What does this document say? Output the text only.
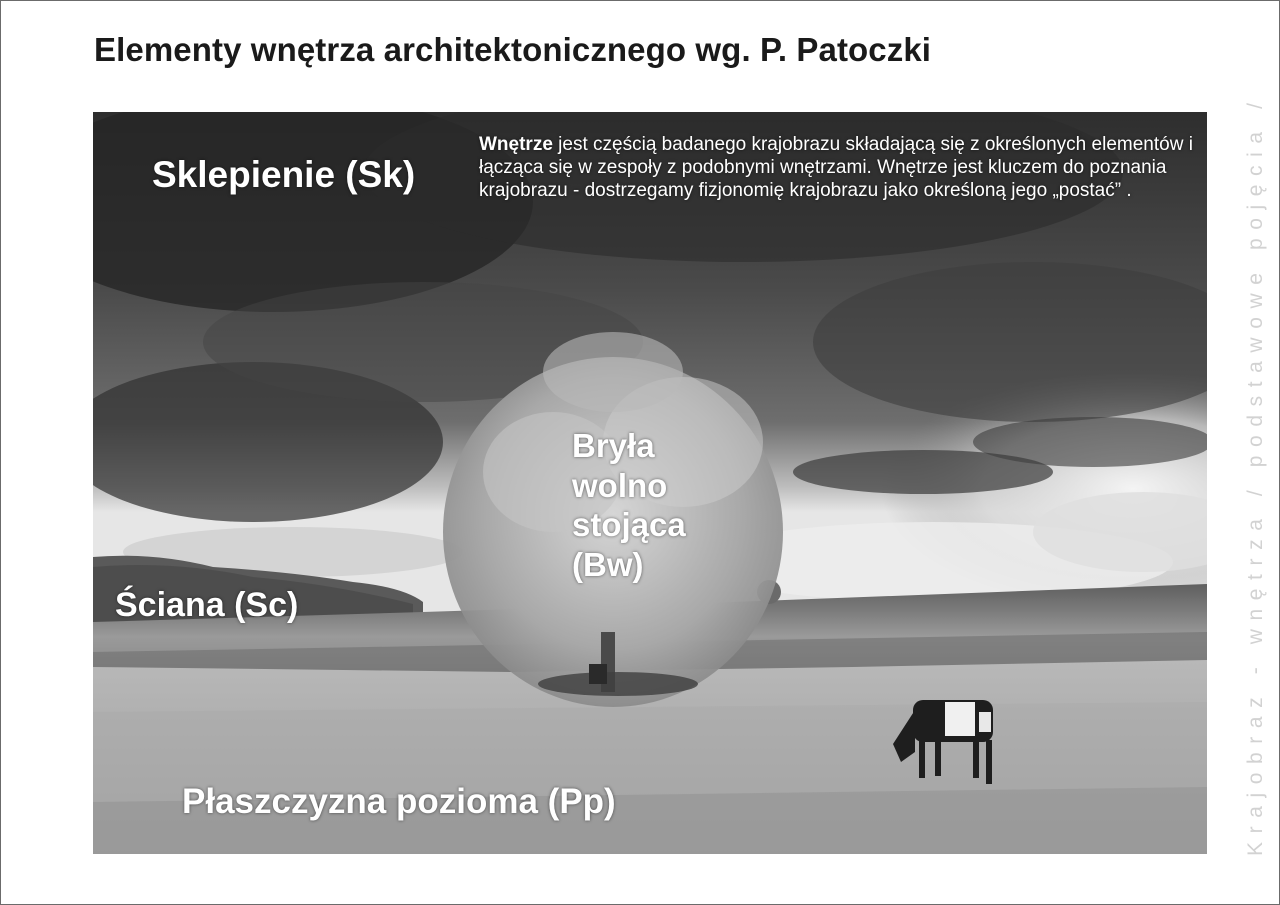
Elementy wnętrza architektonicznego wg. P. Patoczki
Sklepienie (Sk)
Ściana (Sc)
Płaszczyzna pozioma (Pp)
Bryła
wolno
stojąca
(Bw)
Wnętrze jest częścią badanego krajobrazu składającą się z określonych elementów i łącząca się w zespoły z podobnymi wnętrzami. Wnętrze jest kluczem do poznania krajobrazu - dostrzegamy fizjonomię krajobrazu jako określoną jego „postać” .	Krajobraz - wnętrza / podstawowe pojęcia /
